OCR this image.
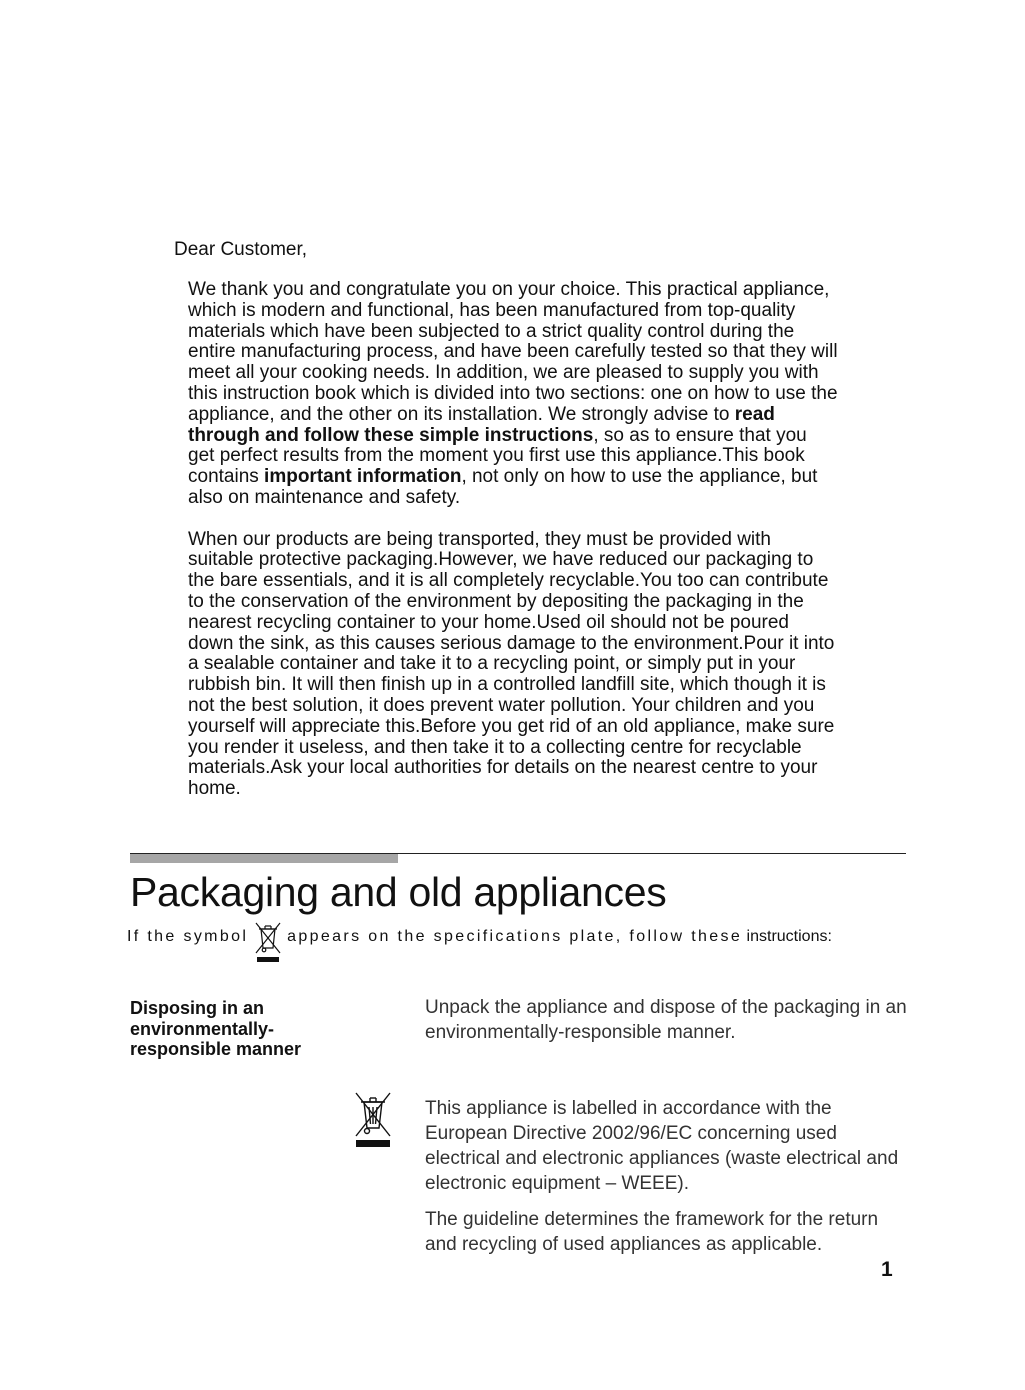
Dear Customer,

We thank you and congratulate you on your choice. This practical appliance, which is modern and functional, has been manufactured from top-quality materials which have been subjected to a strict quality control during the entire manufacturing process, and have been carefully tested so that they will meet all your cooking needs. In addition, we are pleased to supply you with this instruction book which is divided into two sections: one on how to use the appliance, and the other on its installation. We strongly advise to read through and follow these simple instructions, so as to ensure that you get perfect results from the moment you first use this appliance.This book contains important information, not only on how to use the appliance, but also on maintenance and safety.

When our products are being transported, they must be provided with suitable protective packaging.However, we have reduced our packaging to the bare essentials, and it is all completely recyclable.You too can contribute to the conservation of the environment by depositing the packaging in the nearest recycling container to your home.Used oil should not be poured down the sink, as this causes serious damage to the environment.Pour it into a sealable container and take it to a recycling point, or simply put in your rubbish bin. It will then finish up in a controlled landfill site, which though it is not the best solution, it does prevent water pollution. Your children and you yourself will appreciate this.Before you get rid of an old appliance, make sure you render it useless, and then take it to a collecting centre for recyclable materials.Ask your local authorities for details on the nearest centre to your home.

Packaging and old appliances
If the symbol appears on the specifications plate, follow these instructions:
Disposing in an environmentally-responsible manner

Unpack the appliance and dispose of the packaging in an environmentally-responsible manner.

This appliance is labelled in accordance with the European Directive 2002/96/EC concerning used electrical and electronic appliances (waste electrical and electronic equipment – WEEE).

The guideline determines the framework for the return and recycling of used appliances as applicable.

1
